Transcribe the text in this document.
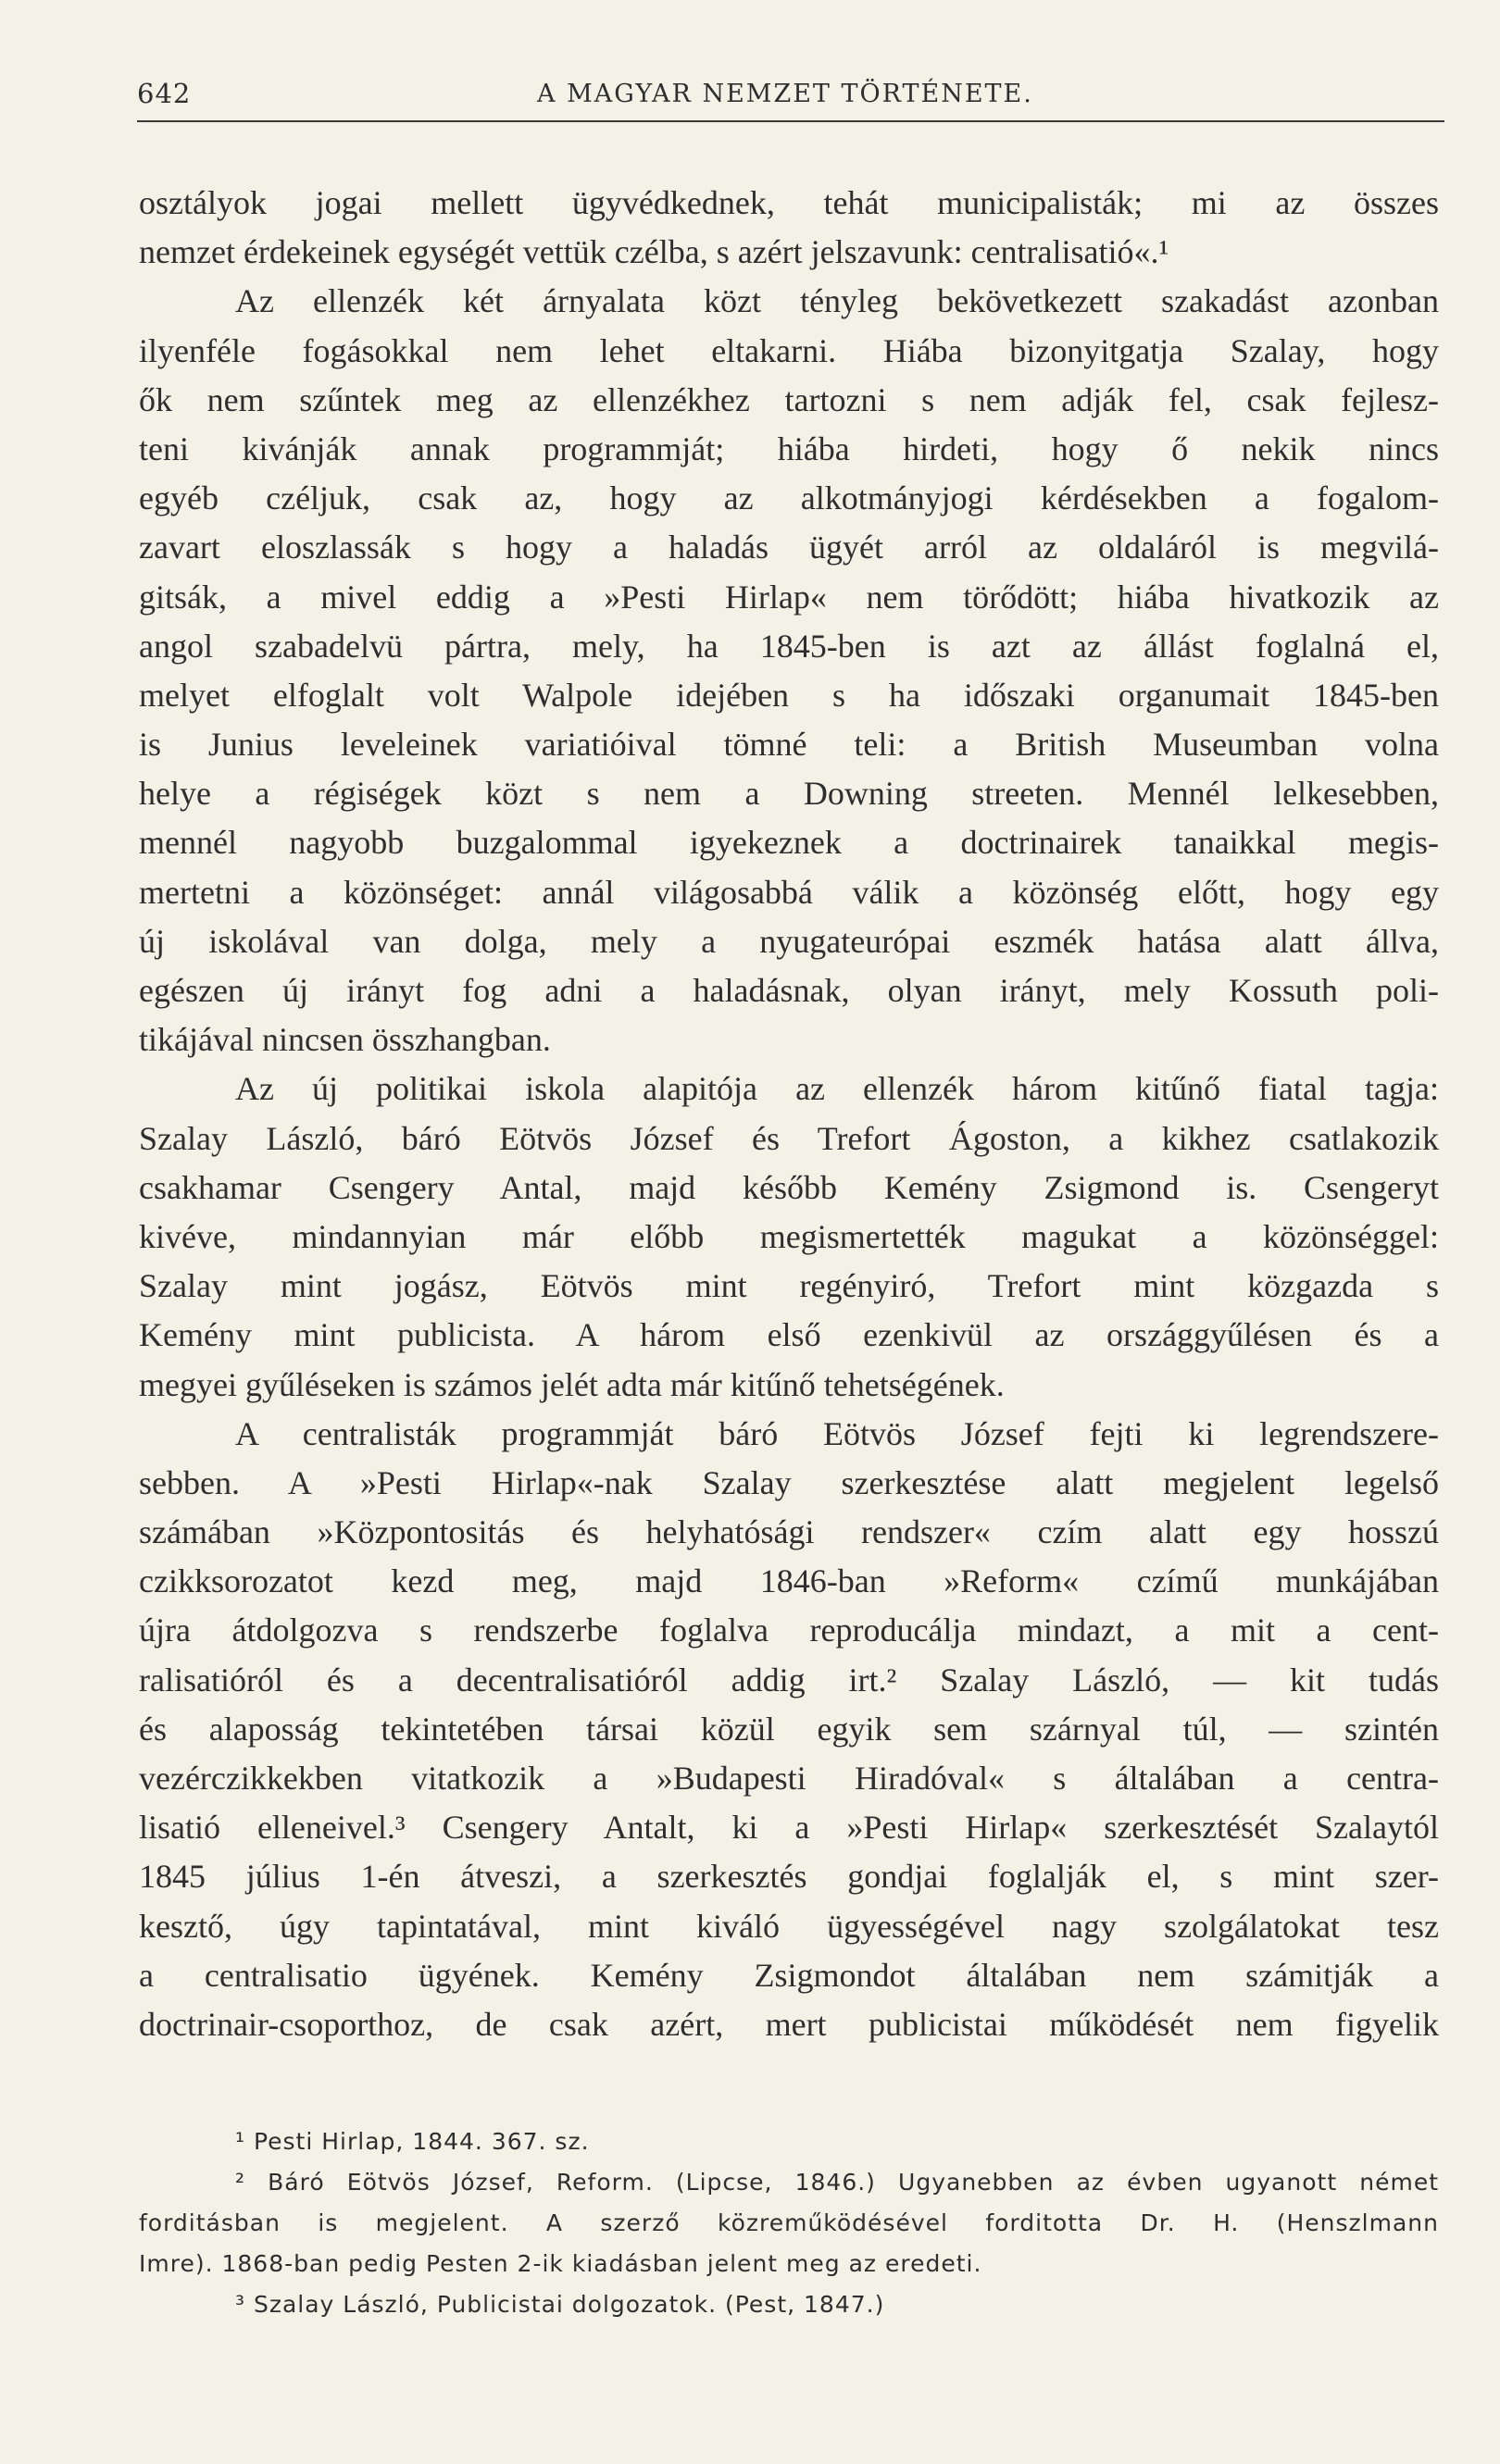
642	A MAGYAR NEMZET TÖRTÉNETE.
osztályok jogai mellett ügyvédkednek, tehát municipalisták; mi az összes
nemzet érdekeinek egységét vettük czélba, s azért jelszavunk: centralisatió«.¹
Az ellenzék két árnyalata közt tényleg bekövetkezett szakadást azonban
ilyenféle fogásokkal nem lehet eltakarni. Hiába bizonyitgatja Szalay, hogy
ők nem szűntek meg az ellenzékhez tartozni s nem adják fel, csak fejlesz-
teni kivánják annak programmját; hiába hirdeti, hogy ő nekik nincs
egyéb czéljuk, csak az, hogy az alkotmányjogi kérdésekben a fogalom-
zavart eloszlassák s hogy a haladás ügyét arról az oldaláról is megvilá-
gitsák, a mivel eddig a »Pesti Hirlap« nem törődött; hiába hivatkozik az
angol szabadelvü pártra, mely, ha 1845-ben is azt az állást foglalná el,
melyet elfoglalt volt Walpole idejében s ha időszaki organumait 1845-ben
is Junius leveleinek variatióival tömné teli: a British Museumban volna
helye a régiségek közt s nem a Downing streeten. Mennél lelkesebben,
mennél nagyobb buzgalommal igyekeznek a doctrinairek tanaikkal megis-
mertetni a közönséget: annál világosabbá válik a közönség előtt, hogy egy
új iskolával van dolga, mely a nyugateurópai eszmék hatása alatt állva,
egészen új irányt fog adni a haladásnak, olyan irányt, mely Kossuth poli-
tikájával nincsen összhangban.
Az új politikai iskola alapitója az ellenzék három kitűnő fiatal tagja:
Szalay László, báró Eötvös József és Trefort Ágoston, a kikhez csatlakozik
csakhamar Csengery Antal, majd később Kemény Zsigmond is. Csengeryt
kivéve, mindannyian már előbb megismertették magukat a közönséggel:
Szalay mint jogász, Eötvös mint regényiró, Trefort mint közgazda s
Kemény mint publicista. A három első ezenkivül az országgyűlésen és a
megyei gyűléseken is számos jelét adta már kitűnő tehetségének.
A centralisták programmját báró Eötvös József fejti ki legrendszere-
sebben. A »Pesti Hirlap«-nak Szalay szerkesztése alatt megjelent legelső
számában »Központositás és helyhatósági rendszer« czím alatt egy hosszú
czikksorozatot kezd meg, majd 1846-ban »Reform« czímű munkájában
újra átdolgozva s rendszerbe foglalva reproducálja mindazt, a mit a cent-
ralisatióról és a decentralisatióról addig irt.² Szalay László, — kit tudás
és alaposság tekintetében társai közül egyik sem szárnyal túl, — szintén
vezérczikkekben vitatkozik a »Budapesti Hiradóval« s általában a centra-
lisatió elleneivel.³ Csengery Antalt, ki a »Pesti Hirlap« szerkesztését Szalaytól
1845 július 1-én átveszi, a szerkesztés gondjai foglalják el, s mint szer-
kesztő, úgy tapintatával, mint kiváló ügyességével nagy szolgálatokat tesz
a centralisatio ügyének. Kemény Zsigmondot általában nem számitják a
doctrinair-csoporthoz, de csak azért, mert publicistai működését nem figyelik
¹ Pesti Hirlap, 1844. 367. sz.
² Báró Eötvös József, Reform. (Lipcse, 1846.) Ugyanebben az évben ugyanott német
forditásban is megjelent. A szerző közreműködésével forditotta Dr. H. (Henszlmann
Imre). 1868-ban pedig Pesten 2-ik kiadásban jelent meg az eredeti.
³ Szalay László, Publicistai dolgozatok. (Pest, 1847.)
